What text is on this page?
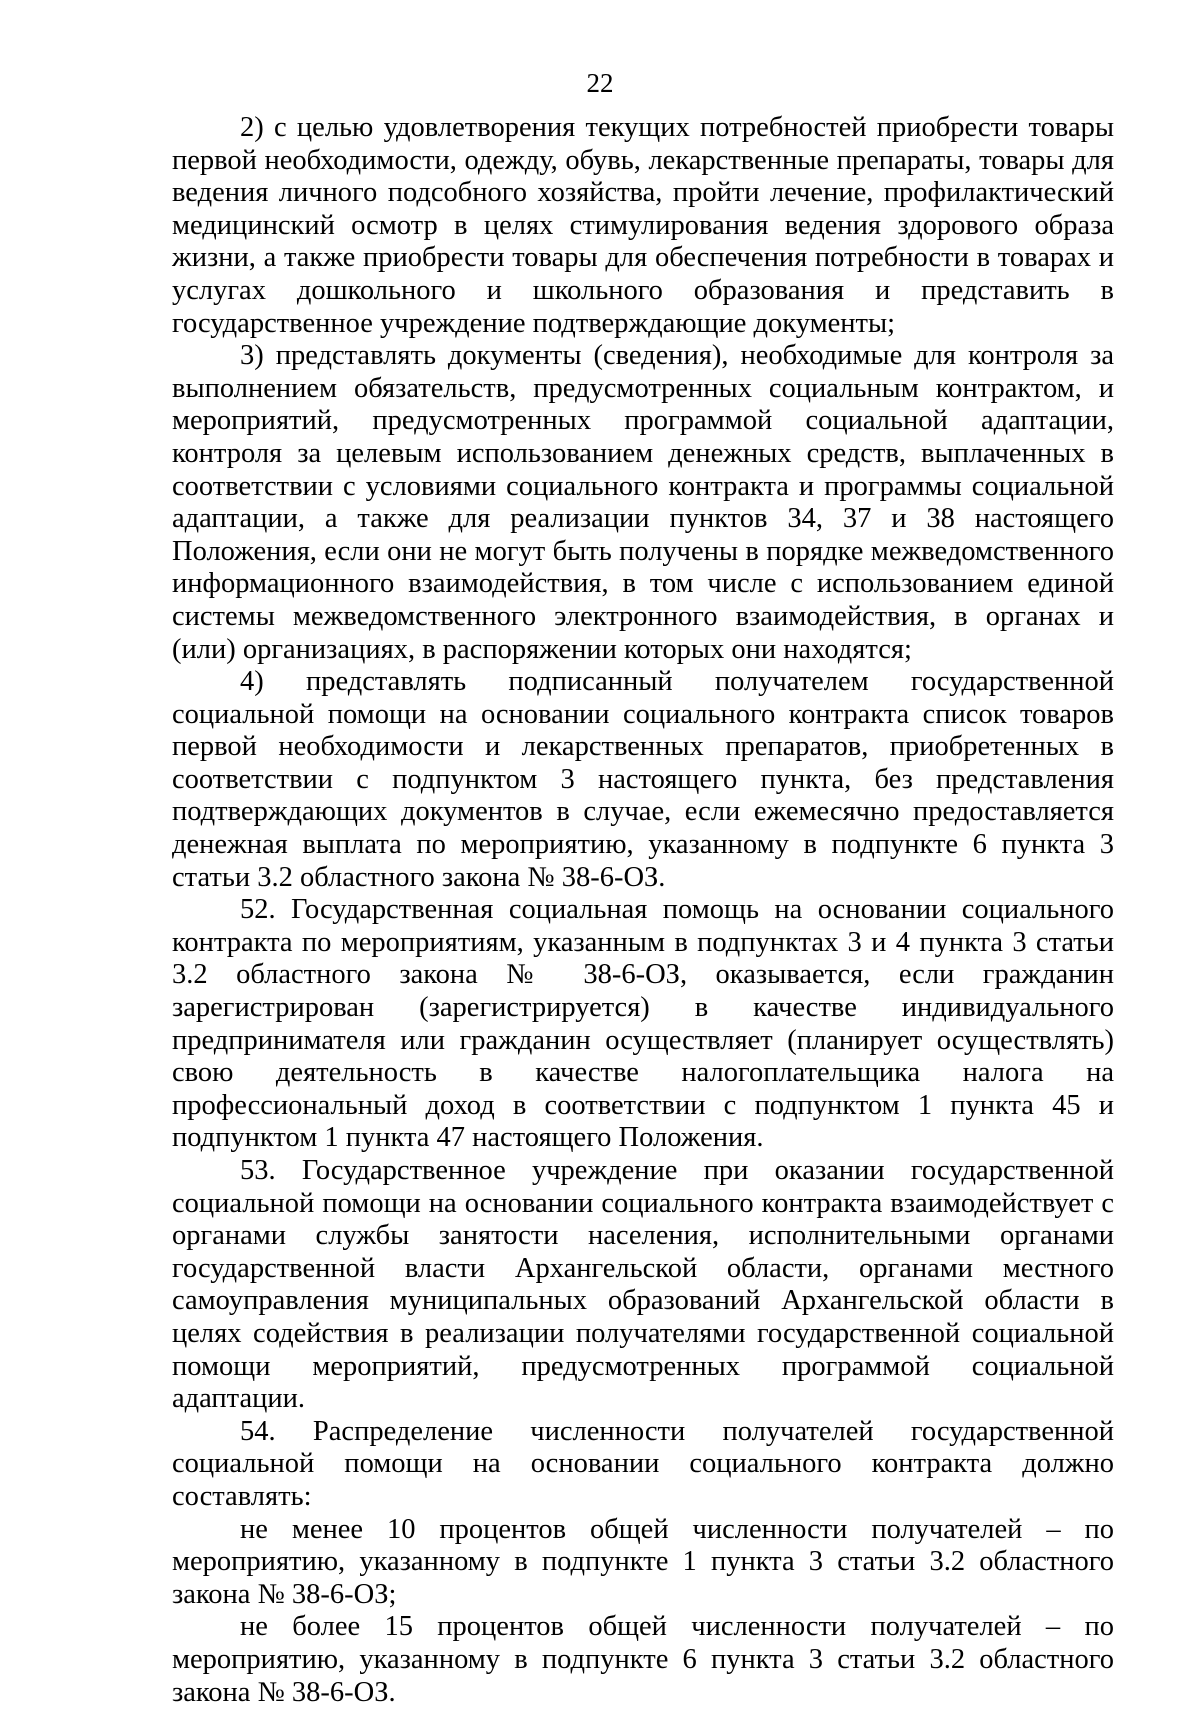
22

2) с целью удовлетворения текущих потребностей приобрести товары первой необходимости, одежду, обувь, лекарственные препараты, товары для ведения личного подсобного хозяйства, пройти лечение, профилактический медицинский осмотр в целях стимулирования ведения здорового образа жизни, а также приобрести товары для обеспечения потребности в товарах и услугах дошкольного и школьного образования и представить в государственное учреждение подтверждающие документы;

3) представлять документы (сведения), необходимые для контроля за выполнением обязательств, предусмотренных социальным контрактом, и мероприятий, предусмотренных программой социальной адаптации, контроля за целевым использованием денежных средств, выплаченных в соответствии с условиями социального контракта и программы социальной адаптации, а также для реализации пунктов 34, 37 и 38 настоящего Положения, если они не могут быть получены в порядке межведомственного информационного взаимодействия, в том числе с использованием единой системы межведомственного электронного взаимодействия, в органах и (или) организациях, в распоряжении которых они находятся;

4) представлять подписанный получателем государственной социальной помощи на основании социального контракта список товаров первой необходимости и лекарственных препаратов, приобретенных в соответствии с подпунктом 3 настоящего пункта, без представления подтверждающих документов в случае, если ежемесячно предоставляется денежная выплата по мероприятию, указанному в подпункте 6 пункта 3 статьи 3.2 областного закона № 38-6-ОЗ.

52. Государственная социальная помощь на основании социального контракта по мероприятиям, указанным в подпунктах 3 и 4 пункта 3 статьи 3.2 областного закона № 38-6-ОЗ, оказывается, если гражданин зарегистрирован (зарегистрируется) в качестве индивидуального предпринимателя или гражданин осуществляет (планирует осуществлять) свою деятельность в качестве налогоплательщика налога на профессиональный доход в соответствии с подпунктом 1 пункта 45 и подпунктом 1 пункта 47 настоящего Положения.

53. Государственное учреждение при оказании государственной социальной помощи на основании социального контракта взаимодействует с органами службы занятости населения, исполнительными органами государственной власти Архангельской области, органами местного самоуправления муниципальных образований Архангельской области в целях содействия в реализации получателями государственной социальной помощи мероприятий, предусмотренных программой социальной адаптации.

54. Распределение численности получателей государственной социальной помощи на основании социального контракта должно составлять:

не менее 10 процентов общей численности получателей – по мероприятию, указанному в подпункте 1 пункта 3 статьи 3.2 областного закона № 38-6-ОЗ;

не более 15 процентов общей численности получателей – по мероприятию, указанному в подпункте 6 пункта 3 статьи 3.2 областного закона № 38-6-ОЗ.
